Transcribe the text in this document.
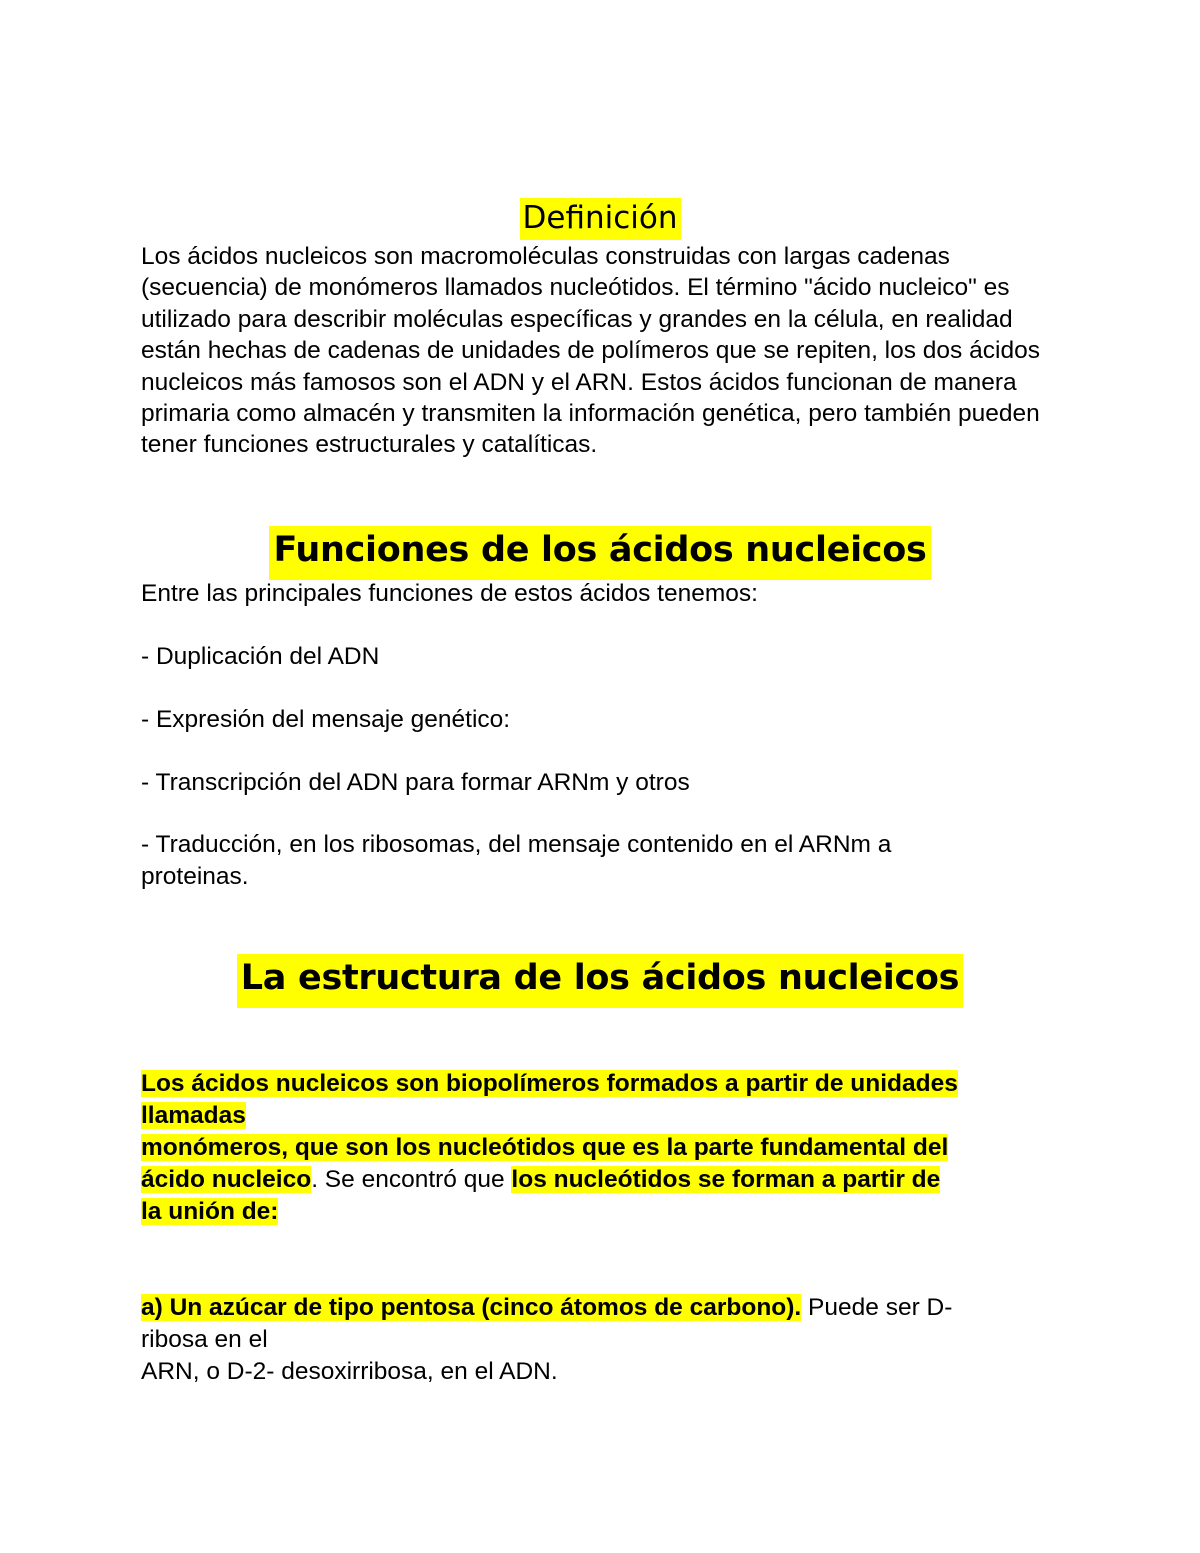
Definición

Los ácidos nucleicos son macromoléculas construidas con largas cadenas (secuencia) de monómeros llamados nucleótidos. El término "ácido nucleico" es utilizado para describir moléculas específicas y grandes en la célula, en realidad están hechas de cadenas de unidades de polímeros que se repiten, los dos ácidos nucleicos más famosos son el ADN y el ARN. Estos ácidos funcionan de manera primaria como almacén y transmiten la información genética, pero también pueden tener funciones estructurales y catalíticas.

Funciones de los ácidos nucleicos

Entre las principales funciones de estos ácidos tenemos:

- Duplicación del ADN

- Expresión del mensaje genético:

- Transcripción del ADN para formar ARNm y otros

- Traducción, en los ribosomas, del mensaje contenido en el ARNm a

proteinas.

La estructura de los ácidos nucleicos

Los ácidos nucleicos son biopolímeros formados a partir de unidades

llamadas

monómeros, que son los nucleótidos que es la parte fundamental del

ácido nucleico. Se encontró que los nucleótidos se forman a partir de

la unión de:

a) Un azúcar de tipo pentosa (cinco átomos de carbono). Puede ser D-

ribosa en el

ARN, o D-2- desoxirribosa, en el ADN.
